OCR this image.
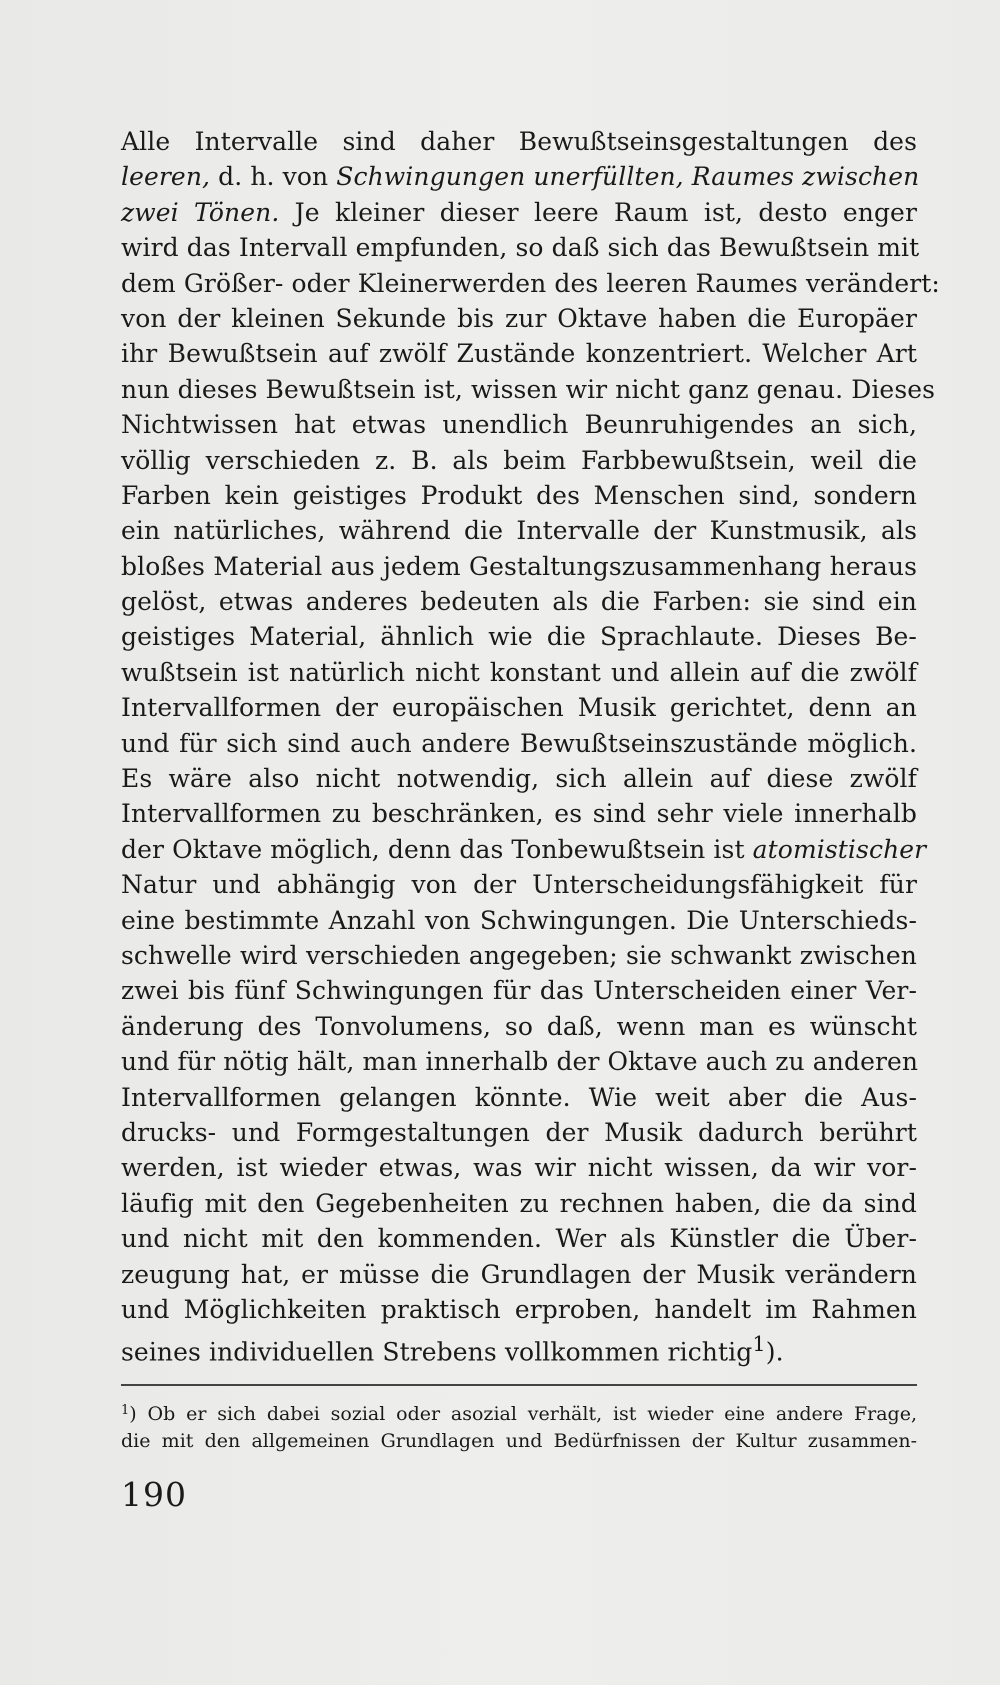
Alle Intervalle sind daher Bewußtseinsgestaltungen des
leeren, d. h. von Schwingungen unerfüllten, Raumes zwischen
zwei Tönen. Je kleiner dieser leere Raum ist, desto enger
wird das Intervall empfunden, so daß sich das Bewußtsein mit
dem Größer- oder Kleinerwerden des leeren Raumes verändert:
von der kleinen Sekunde bis zur Oktave haben die Europäer
ihr Bewußtsein auf zwölf Zustände konzentriert. Welcher Art
nun dieses Bewußtsein ist, wissen wir nicht ganz genau. Dieses
Nichtwissen hat etwas unendlich Beunruhigendes an sich,
völlig verschieden z. B. als beim Farbbewußtsein, weil die
Farben kein geistiges Produkt des Menschen sind, sondern
ein natürliches, während die Intervalle der Kunstmusik, als
bloßes Material aus jedem Gestaltungszusammenhang heraus
gelöst, etwas anderes bedeuten als die Farben: sie sind ein
geistiges Material, ähnlich wie die Sprachlaute. Dieses Be-
wußtsein ist natürlich nicht konstant und allein auf die zwölf
Intervallformen der europäischen Musik gerichtet, denn an
und für sich sind auch andere Bewußtseinszustände möglich.
Es wäre also nicht notwendig, sich allein auf diese zwölf
Intervallformen zu beschränken, es sind sehr viele innerhalb
der Oktave möglich, denn das Tonbewußtsein ist atomistischer
Natur und abhängig von der Unterscheidungsfähigkeit für
eine bestimmte Anzahl von Schwingungen. Die Unterschieds-
schwelle wird verschieden angegeben; sie schwankt zwischen
zwei bis fünf Schwingungen für das Unterscheiden einer Ver-
änderung des Tonvolumens, so daß, wenn man es wünscht
und für nötig hält, man innerhalb der Oktave auch zu anderen
Intervallformen gelangen könnte. Wie weit aber die Aus-
drucks- und Formgestaltungen der Musik dadurch berührt
werden, ist wieder etwas, was wir nicht wissen, da wir vor-
läufig mit den Gegebenheiten zu rechnen haben, die da sind
und nicht mit den kommenden. Wer als Künstler die Über-
zeugung hat, er müsse die Grundlagen der Musik verändern
und Möglichkeiten praktisch erproben, handelt im Rahmen
seines individuellen Strebens vollkommen richtig$^1$).
$^1$) Ob er sich dabei sozial oder asozial verhält, ist wieder eine andere Frage,
die mit den allgemeinen Grundlagen und Bedürfnissen der Kultur zusammen-
190
